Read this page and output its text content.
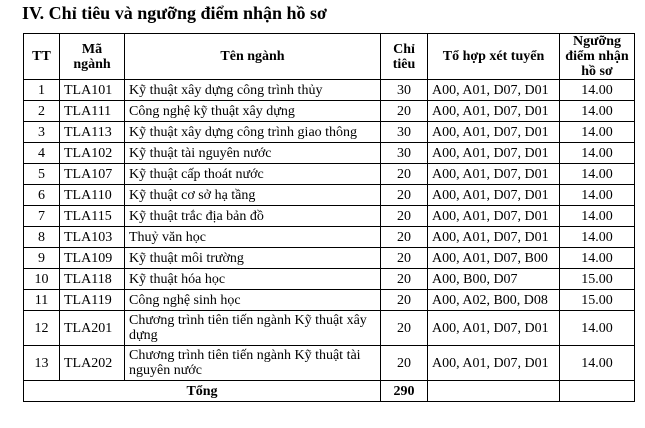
IV. Chỉ tiêu và ngưỡng điểm nhận hồ sơ
TT	Mã ngành	Tên ngành	Chỉ tiêu	Tổ hợp xét tuyển	Ngưỡng điểm nhận hồ sơ
1	TLA101	Kỹ thuật xây dựng công trình thủy	30	A00, A01, D07, D01	14.00
2	TLA111	Công nghệ kỹ thuật xây dựng	20	A00, A01, D07, D01	14.00
3	TLA113	Kỹ thuật xây dựng công trình giao thông	30	A00, A01, D07, D01	14.00
4	TLA102	Kỹ thuật tài nguyên nước	30	A00, A01, D07, D01	14.00
5	TLA107	Kỹ thuật cấp thoát nước	20	A00, A01, D07, D01	14.00
6	TLA110	Kỹ thuật cơ sở hạ tầng	20	A00, A01, D07, D01	14.00
7	TLA115	Kỹ thuật trắc địa bản đồ	20	A00, A01, D07, D01	14.00
8	TLA103	Thuỷ văn học	20	A00, A01, D07, D01	14.00
9	TLA109	Kỹ thuật môi trường	20	A00, A01, D07, B00	14.00
10	TLA118	Kỹ thuật hóa học	20	A00, B00, D07	15.00
11	TLA119	Công nghệ sinh học	20	A00, A02, B00, D08	15.00
12	TLA201	Chương trình tiên tiến ngành Kỹ thuật xây dựng	20	A00, A01, D07, D01	14.00
13	TLA202	Chương trình tiên tiến ngành Kỹ thuật tài nguyên nước	20	A00, A01, D07, D01	14.00
Tổng			290		
